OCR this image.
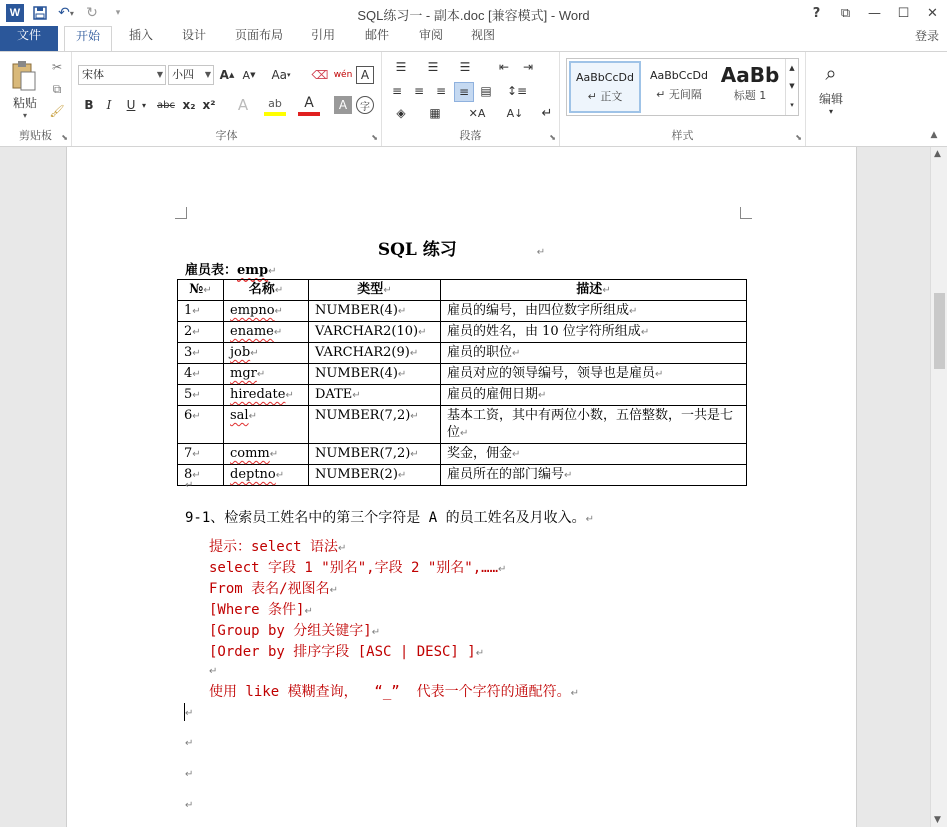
W	↶ ▾ ↻	▾	SQL练习一 - 副本.doc [兼容模式] - Word	?	⧉	—	☐	✕
文件	开始	插入	设计	页面布局	引用	邮件	审阅	视图	登录
粘贴
▾
✂
⧉
🖌
剪贴板	⬊
宋体	▼ 小四 ▼ A ▲ A ▼ Aa ▾ ⌫ wén A
B	I	U ▾	abc x₂ x²	A	ab	A	A	字
字体	⬊
☰	☰	☰	⇤	⇥
≡ ≡ ≡	≡ ▤ ↕≡
◈	▦	✕A	A↓ ↵
段落	⬊	样式	⬊
AaBbCcDd
↵ 正文
AaBbCcDd
↵ 无间隔
AaBb
标题 1
▲
▼
▾
⌕
编辑
▾
▲
SQL 练习	↵
雇员表：emp↵
№↵	名称↵	类型↵	描述↵
1↵	empno↵	NUMBER(4)↵	雇员的编号，由四位数字所组成↵
2↵	ename↵	VARCHAR2(10)↵	雇员的姓名，由 10 位字符所组成↵
3↵	job↵	VARCHAR2(9)↵	雇员的职位↵
4↵	mgr↵	NUMBER(4)↵	雇员对应的领导编号，领导也是雇员↵
5↵	hiredate↵	DATE↵	雇员的雇佣日期↵
6↵	sal↵	NUMBER(7,2)↵	基本工资，其中有两位小数，五倍整数，一共是七位↵
7↵	comm↵	NUMBER(7,2)↵	奖金，佣金↵
8↵	deptno↵	NUMBER(2)↵	雇员所在的部门编号↵
↵
9-1、检索员工姓名中的第三个字符是 A 的员工姓名及月收入。↵
提示：select 语法↵
select 字段 1 "别名",字段 2 "别名",……↵
From 表名/视图名↵
[Where 条件]↵
[Group by 分组关键字]↵
[Order by 排序字段 [ASC | DESC] ]↵
↵
使用 like 模糊查询，  “_”  代表一个字符的通配符。↵
↵
↵
↵
↵
▲
▼
